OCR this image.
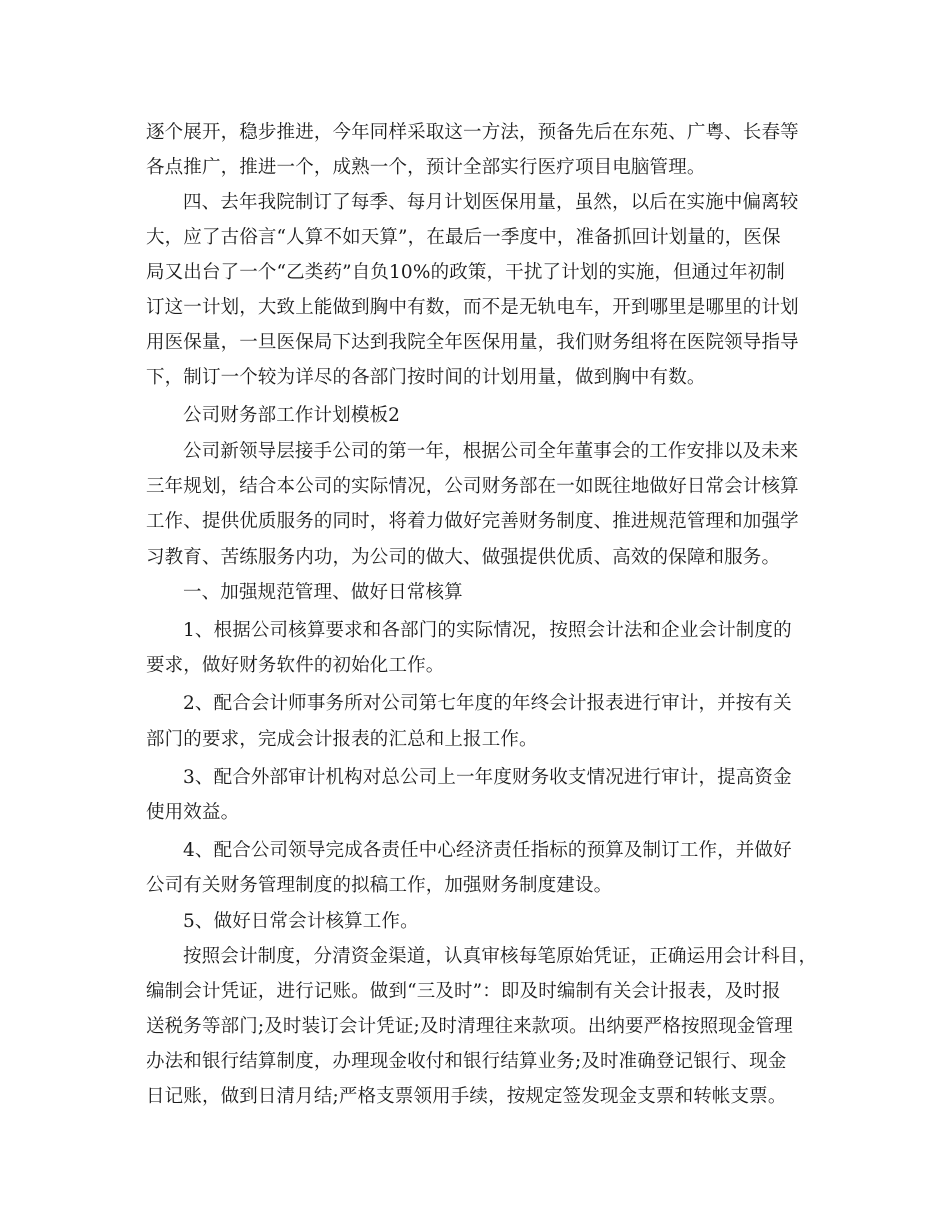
逐个展开，稳步推进，今年同样采取这一方法，预备先后在东苑、广粤、长春等
各点推广，推进一个，成熟一个，预计全部实行医疗项目电脑管理。
四、去年我院制订了每季、每月计划医保用量，虽然，以后在实施中偏离较
大，应了古俗言“人算不如天算”，在最后一季度中，准备抓回计划量的，医保
局又出台了一个“乙类药”自负10%的政策，干扰了计划的实施，但通过年初制
订这一计划，大致上能做到胸中有数，而不是无轨电车，开到哪里是哪里的计划
用医保量，一旦医保局下达到我院全年医保用量，我们财务组将在医院领导指导
下，制订一个较为详尽的各部门按时间的计划用量，做到胸中有数。
公司财务部工作计划模板2
公司新领导层接手公司的第一年，根据公司全年董事会的工作安排以及未来
三年规划，结合本公司的实际情况，公司财务部在一如既往地做好日常会计核算
工作、提供优质服务的同时，将着力做好完善财务制度、推进规范管理和加强学
习教育、苦练服务内功，为公司的做大、做强提供优质、高效的保障和服务。
一、加强规范管理、做好日常核算
1、根据公司核算要求和各部门的实际情况，按照会计法和企业会计制度的
要求，做好财务软件的初始化工作。
2、配合会计师事务所对公司第七年度的年终会计报表进行审计，并按有关
部门的要求，完成会计报表的汇总和上报工作。
3、配合外部审计机构对总公司上一年度财务收支情况进行审计，提高资金
使用效益。
4、配合公司领导完成各责任中心经济责任指标的预算及制订工作，并做好
公司有关财务管理制度的拟稿工作，加强财务制度建设。
5、做好日常会计核算工作。
按照会计制度，分清资金渠道，认真审核每笔原始凭证，正确运用会计科目，
编制会计凭证，进行记账。做到“三及时”：即及时编制有关会计报表，及时报
送税务等部门;及时装订会计凭证;及时清理往来款项。出纳要严格按照现金管理
办法和银行结算制度，办理现金收付和银行结算业务;及时准确登记银行、现金
日记账，做到日清月结;严格支票领用手续，按规定签发现金支票和转帐支票。
